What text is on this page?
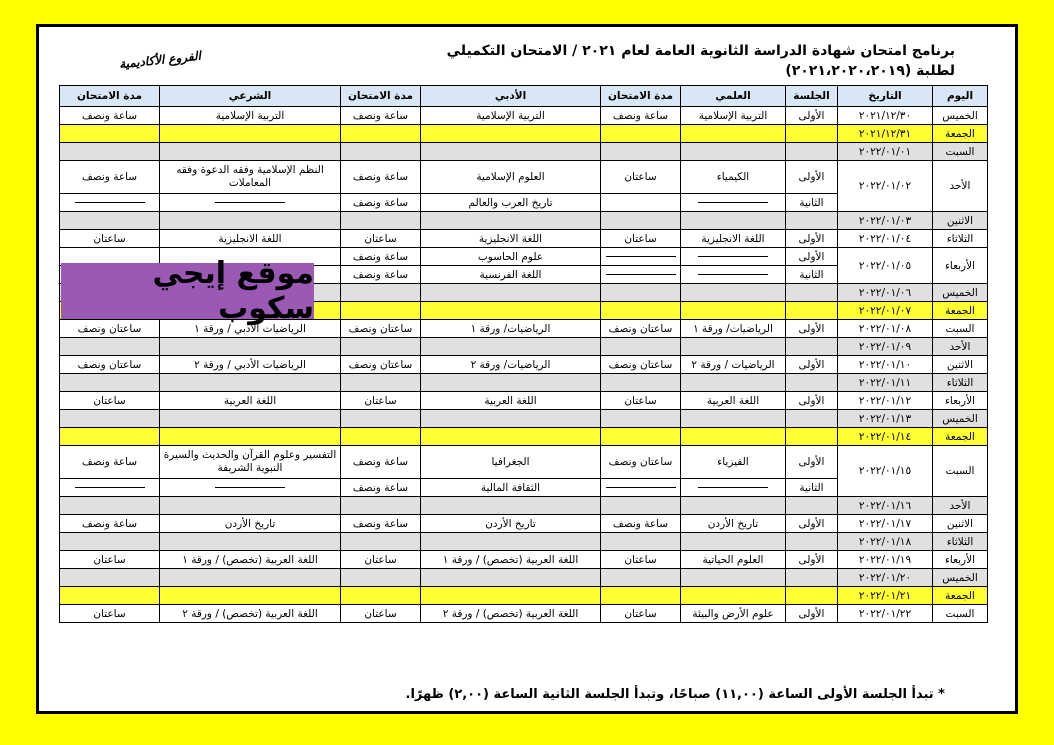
برنامج امتحان شهادة الدراسة الثانوية العامة لعام ٢٠٢١ / الامتحان التكميلي
لطلبة (٢٠٢١،٢٠٢٠،٢٠١٩)
الفروع الأكاديمية
اليوم	التاريخ	الجلسة	العلمي	مدة الامتحان	الأدبي	مدة الامتحان	الشرعي	مدة الامتحان
الخميس	٢٠٢١/١٢/٣٠	الأولى	التربية الإسلامية	ساعة ونصف	التربية الإسلامية	ساعة ونصف	التربية الإسلامية	ساعة ونصف
الجمعة	٢٠٢١/١٢/٣١							
السبت	٢٠٢٢/٠١/٠١							
الأحد	٢٠٢٢/٠١/٠٢	الأولى	الكيمياء	ساعتان	العلوم الإسلامية	ساعة ونصف	النظم الإسلامية وفقه الدعوة وفقه المعاملات	ساعة ونصف
		الثانية			تاريخ العرب والعالم	ساعة ونصف		
الاثنين	٢٠٢٢/٠١/٠٣							
الثلاثاء	٢٠٢٢/٠١/٠٤	الأولى	اللغة الانجليزية	ساعتان	اللغة الانجليزية	ساعتان	اللغة الانجليزية	ساعتان
الأربعاء	٢٠٢٢/٠١/٠٥	الأولى			علوم الحاسوب	ساعة ونصف		
		الثانية			اللغة الفرنسية	ساعة ونصف		
الخميس	٢٠٢٢/٠١/٠٦							
الجمعة	٢٠٢٢/٠١/٠٧							
السبت	٢٠٢٢/٠١/٠٨	الأولى	الرياضيات/ ورقة ١	ساعتان ونصف	الرياضيات/ ورقة ١	ساعتان ونصف	الرياضيات الأدبي / ورقة ١	ساعتان ونصف
الأحد	٢٠٢٢/٠١/٠٩							
الاثنين	٢٠٢٢/٠١/١٠	الأولى	الرياضيات / ورقة ٢	ساعتان ونصف	الرياضيات/ ورقة ٢	ساعتان ونصف	الرياضيات الأدبي / ورقة ٢	ساعتان ونصف
الثلاثاء	٢٠٢٢/٠١/١١							
الأربعاء	٢٠٢٢/٠١/١٢	الأولى	اللغة العربية	ساعتان	اللغة العربية	ساعتان	اللغة العربية	ساعتان
الخميس	٢٠٢٢/٠١/١٣							
الجمعة	٢٠٢٢/٠١/١٤							
السبت	٢٠٢٢/٠١/١٥	الأولى	الفيزياء	ساعتان ونصف	الجغرافيا	ساعة ونصف	التفسير وعلوم القرآن والحديث والسيرة النبوية الشريفة	ساعة ونصف
		الثانية			الثقافة المالية	ساعة ونصف		
الأحد	٢٠٢٢/٠١/١٦							
الاثنين	٢٠٢٢/٠١/١٧	الأولى	تاريخ الأردن	ساعة ونصف	تاريخ الأردن	ساعة ونصف	تاريخ الأردن	ساعة ونصف
الثلاثاء	٢٠٢٢/٠١/١٨							
الأربعاء	٢٠٢٢/٠١/١٩	الأولى	العلوم الحياتية	ساعتان	اللغة العربية (تخصص) / ورقة ١	ساعتان	اللغة العربية (تخصص) / ورقة ١	ساعتان
الخميس	٢٠٢٢/٠١/٢٠							
الجمعة	٢٠٢٢/٠١/٢١							
السبت	٢٠٢٢/٠١/٢٢	الأولى	علوم الأرض والبيئة	ساعتان	اللغة العربية (تخصص) / ورقة ٢	ساعتان	اللغة العربية (تخصص) / ورقة ٢	ساعتان
موقع إيجي سكوب
* تبدأ الجلسة الأولى الساعة (١١,٠٠) صباحًا، وتبدأ الجلسة الثانية الساعة (٢,٠٠) ظهرًا.
